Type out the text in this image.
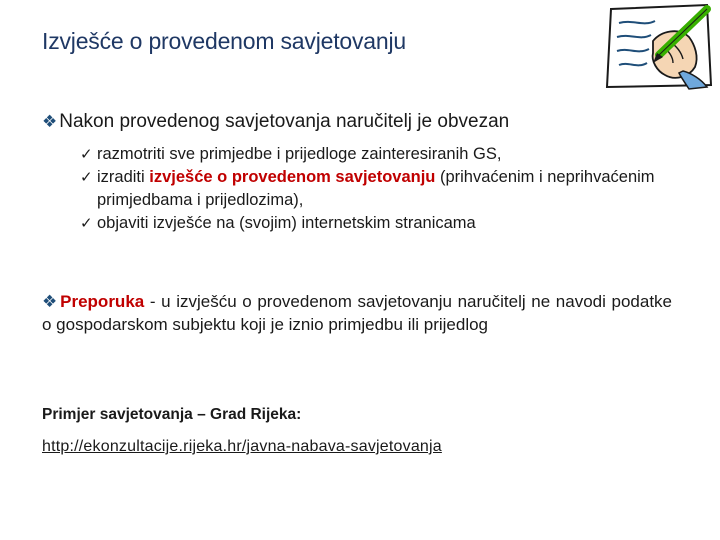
Izvješće o provedenom savjetovanju
❖ Nakon provedenog savjetovanja naručitelj je obvezan
✓ razmotriti sve primjedbe i prijedloge zainteresiranih GS,
✓ izraditi izvješće o provedenom savjetovanju (prihvaćenim i neprihvaćenim primjedbama i prijedlozima),
✓ objaviti izvješće na (svojim) internetskim stranicama
❖ Preporuka - u izvješću o provedenom savjetovanju naručitelj ne navodi podatke o gospodarskom subjektu koji je iznio primjedbu ili prijedlog
Primjer savjetovanja – Grad Rijeka:
http://ekonzultacije.rijeka.hr/javna-nabava-savjetovanja
